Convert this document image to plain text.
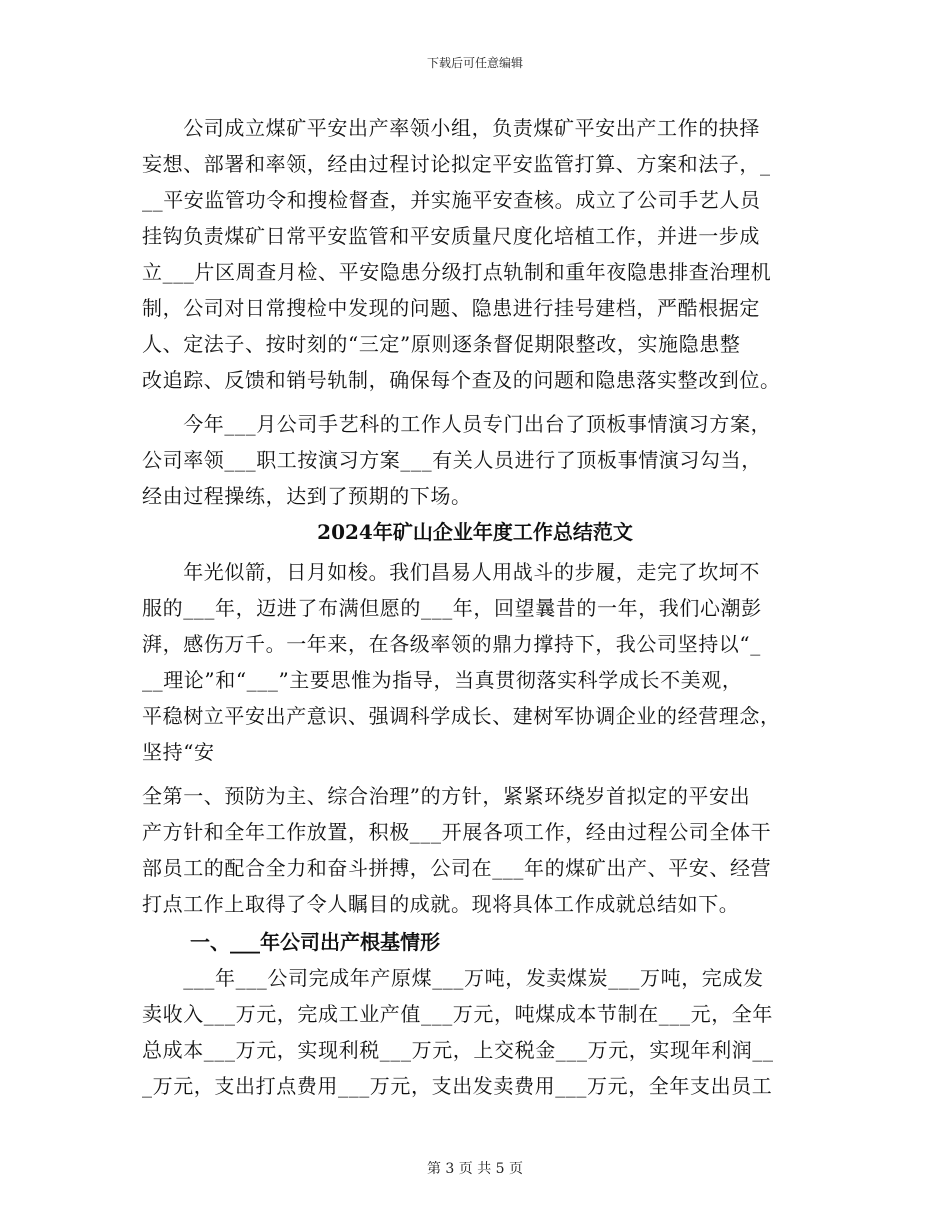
下载后可任意编辑
　　公司成立煤矿平安出产率领小组，负责煤矿平安出产工作的抉择
妄想、部署和率领，经由过程讨论拟定平安监管打算、方案和法子，_
__平安监管功令和搜检督查，并实施平安查核。成立了公司手艺人员
挂钩负责煤矿日常平安监管和平安质量尺度化培植工作，并进一步成
立___片区周查月检、平安隐患分级打点轨制和重年夜隐患排查治理机
制，公司对日常搜检中发现的问题、隐患进行挂号建档，严酷根据定
人、定法子、按时刻的“三定”原则逐条督促期限整改，实施隐患整
改追踪、反馈和销号轨制，确保每个查及的问题和隐患落实整改到位。
　　今年___月公司手艺科的工作人员专门出台了顶板事情演习方案，
公司率领___职工按演习方案___有关人员进行了顶板事情演习勾当，
经由过程操练，达到了预期的下场。
2024年矿山企业年度工作总结范文
　　年光似箭，日月如梭。我们昌易人用战斗的步履，走完了坎坷不
服的___年，迈进了布满但愿的___年，回望曩昔的一年，我们心潮彭
湃，感伤万千。一年来，在各级率领的鼎力撑持下，我公司坚持以“_
__理论”和“___”主要思惟为指导，当真贯彻落实科学成长不美观，
平稳树立平安出产意识、强调科学成长、建树军协调企业的经营理念，
坚持“安
全第一、预防为主、综合治理”的方针，紧紧环绕岁首拟定的平安出
产方针和全年工作放置，积极___开展各项工作，经由过程公司全体干
部员工的配合全力和奋斗拼搏，公司在___年的煤矿出产、平安、经营
打点工作上取得了令人瞩目的成就。现将具体工作成就总结如下。
一、___年公司出产根基情形
　　___年___公司完成年产原煤___万吨，发卖煤炭___万吨，完成发
卖收入___万元，完成工业产值___万元，吨煤成本节制在___元，全年
总成本___万元，实现利税___万元，上交税金___万元，实现年利润__
_万元，支出打点费用___万元，支出发卖费用___万元，全年支出员工
第 3 页 共 5 页
